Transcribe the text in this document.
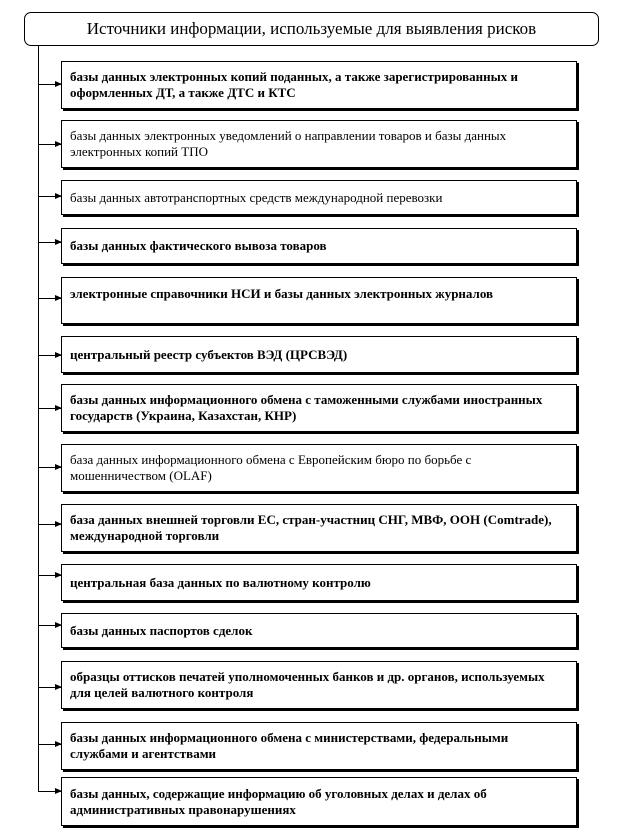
Источники информации, используемые для выявления рисков
базы данных электронных копий поданных, а также зарегистрированных и оформленных ДТ, а также ДТС и КТС
базы данных электронных уведомлений о направлении товаров и базы данных электронных копий ТПО
базы данных автотранспортных средств международной перевозки
базы данных фактического вывоза товаров
электронные справочники НСИ и базы данных электронных журналов
центральный реестр субъектов ВЭД (ЦРСВЭД)
базы данных информационного обмена с таможенными службами иностранных государств (Украина, Казахстан, КНР)
база данных информационного обмена с Европейским бюро по борьбе с мошенничеством (OLAF)
база данных внешней торговли ЕС, стран-участниц СНГ, МВФ, ООН (Comtrade), международной торговли
центральная база данных по валютному контролю
базы данных паспортов сделок
образцы оттисков печатей уполномоченных банков и др. органов, используемых для целей валютного контроля
базы данных информационного обмена с министерствами, федеральными службами и агентствами
базы данных, содержащие информацию об уголовных делах и делах об административных правонарушениях
